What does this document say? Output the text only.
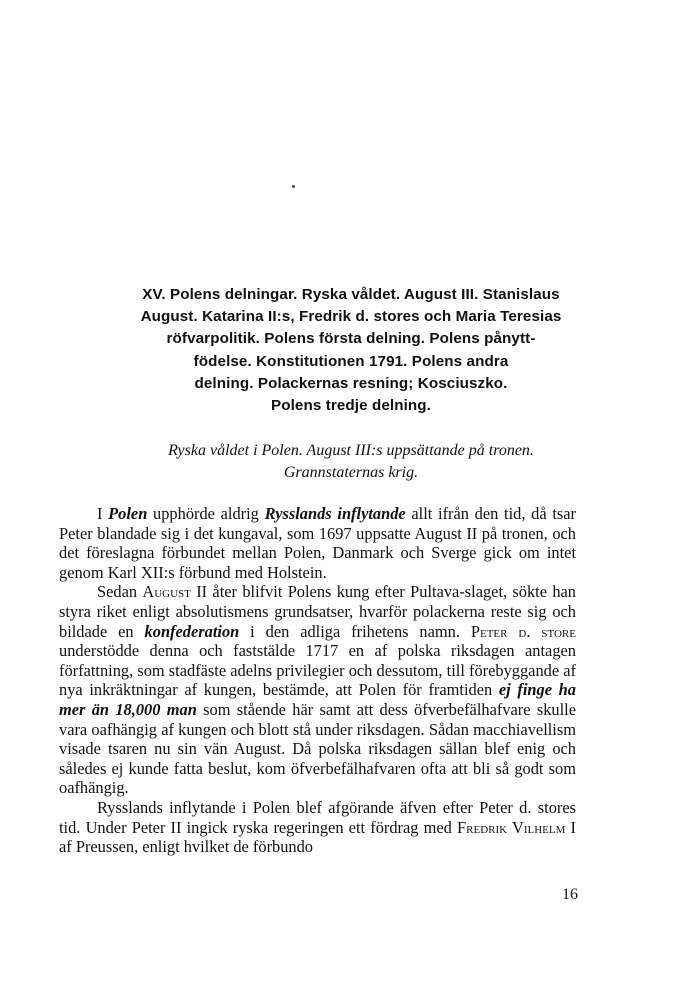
XV. Polens delningar. Ryska våldet. August III. Stanislaus
August. Katarina II:s, Fredrik d. stores och Maria Teresias
röfvarpolitik. Polens första delning. Polens pånytt-
födelse. Konstitutionen 1791. Polens andra
delning. Polackernas resning; Kosciuszko.
Polens tredje delning.
Ryska våldet i Polen. August III:s uppsättande på tronen.
Grannstaternas krig.

I Polen upphörde aldrig Rysslands inflytande allt ifrån den tid, då tsar Peter blandade sig i det kungaval, som 1697 uppsatte August II på tronen, och det föreslagna förbundet mellan Polen, Danmark och Sverge gick om intet genom Karl XII:s förbund med Holstein.

Sedan August II åter blifvit Polens kung efter Pultava-slaget, sökte han styra riket enligt absolutismens grundsatser, hvarför polackerna reste sig och bildade en konfederation i den adliga frihetens namn. Peter d. store understödde denna och faststälde 1717 en af polska riksdagen antagen författning, som stadfäste adelns privilegier och dessutom, till förebyggande af nya inkräktningar af kungen, bestämde, att Polen för framtiden ej finge ha mer än 18,000 man som stående här samt att dess öfverbefälhafvare skulle vara oafhängig af kungen och blott stå under riksdagen. Sådan macchiavellism visade tsaren nu sin vän August. Då polska riksdagen sällan blef enig och således ej kunde fatta beslut, kom öfverbefälhafvaren ofta att bli så godt som oafhängig.

Rysslands inflytande i Polen blef afgörande äfven efter Peter d. stores tid. Under Peter II ingick ryska regeringen ett fördrag med Fredrik Vilhelm I af Preussen, enligt hvilket de förbundo

16
